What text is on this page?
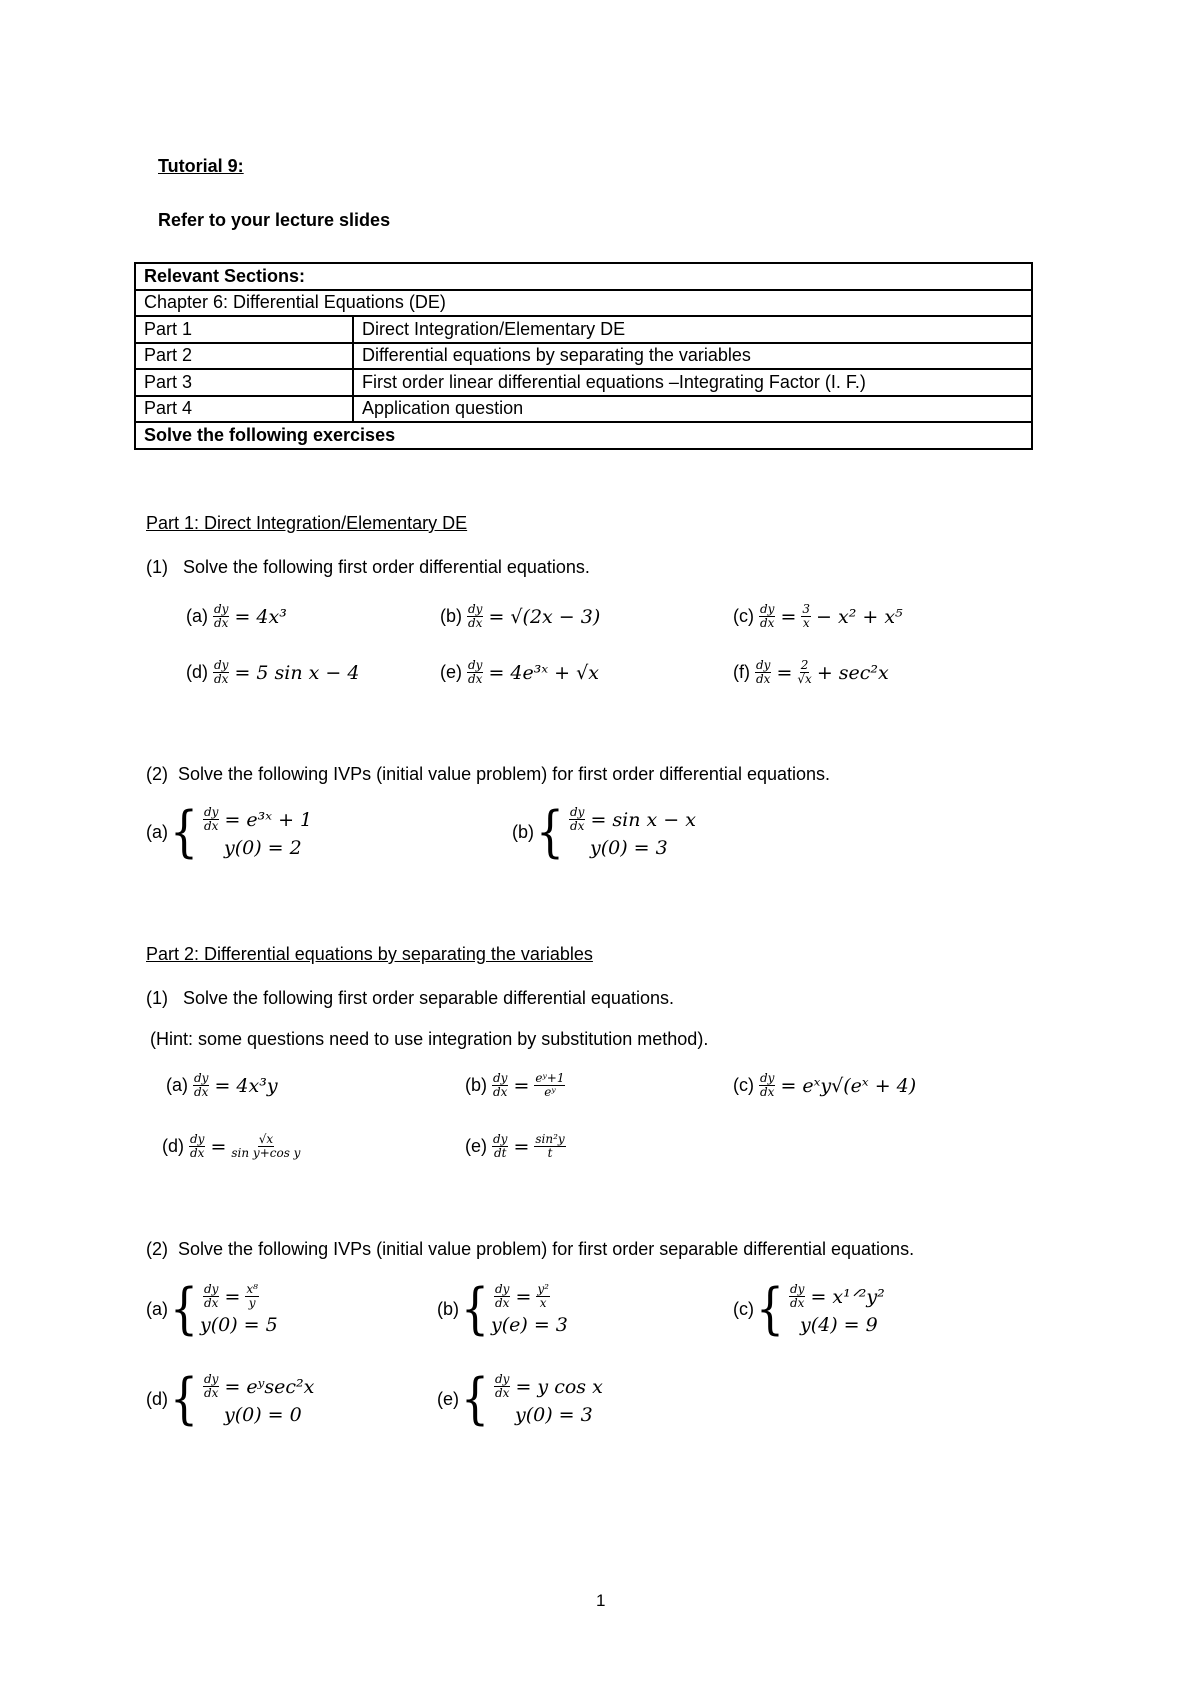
Tutorial 9:
Refer to your lecture slides
Relevant Sections:	
Chapter 6: Differential Equations (DE)	
Part 1	Direct Integration/Elementary DE
Part 2	Differential equations by separating the variables
Part 3	First order linear differential equations –Integrating Factor (I. F.)
Part 4	Application question
Solve the following exercises	
Part 1: Direct Integration/Elementary DE
(1) Solve the following first order differential equations.
$(a) \frac{dy}{dx} = 4x^3$	$(b) \frac{dy}{dx} = √(2x - 3)$	$(c) \frac{dy}{dx} = \frac{3}{x} - x^2 + x^5$
$(d) \frac{dy}{dx} = 5$ sin x − 4	$(e) \frac{dy}{dx}$ = 4e³ˣ + √x	$(f) \frac{dy}{dx} = \frac{2}{√x} + \sec^2x$
(2) Solve the following IVPs (initial value problem) for first order differential equations.
(a) { $\frac{dy}{dx}$ = e³ˣ + 1
y(0) = 2
(b) { $\frac{dy}{dx} = \sin x - x$
y(0) = 3
Part 2: Differential equations by separating the variables
(1) Solve the following first order separable differential equations.
(Hint: some questions need to use integration by substitution method).
$(a) \frac{dy}{dx} = 4x^3y$	$(b) \frac{dy}{dx} = \frac{\text{eʸ+1}}{\text{eʸ}}$	$(c) \frac{dy}{dx}$ = eˣy√(eˣ + 4)
$(d) \frac{dy}{dx} = \frac{√x}{\text{sin y+cos y}}$	$(e) \frac{dy}{dt} = \frac{\text{sin²y}}{t}$
(2) Solve the following IVPs (initial value problem) for first order separable differential equations.
(a) { $\frac{dy}{dx} = \frac{\text{x⁸}}{y}$
y(0) = 5
(b) { $\frac{dy}{dx} = \frac{\text{y²}}{x}$
y(e) = 3
(c) { $\frac{dy}{dx}$ = x¹ᐟ²y²
y(4) = 9
(d) { $\frac{dy}{dx}$ = eʸsec²x
y(0) = 0
(e) { $\frac{dy}{dx} = y$ cos x
y(0) = 3
1
